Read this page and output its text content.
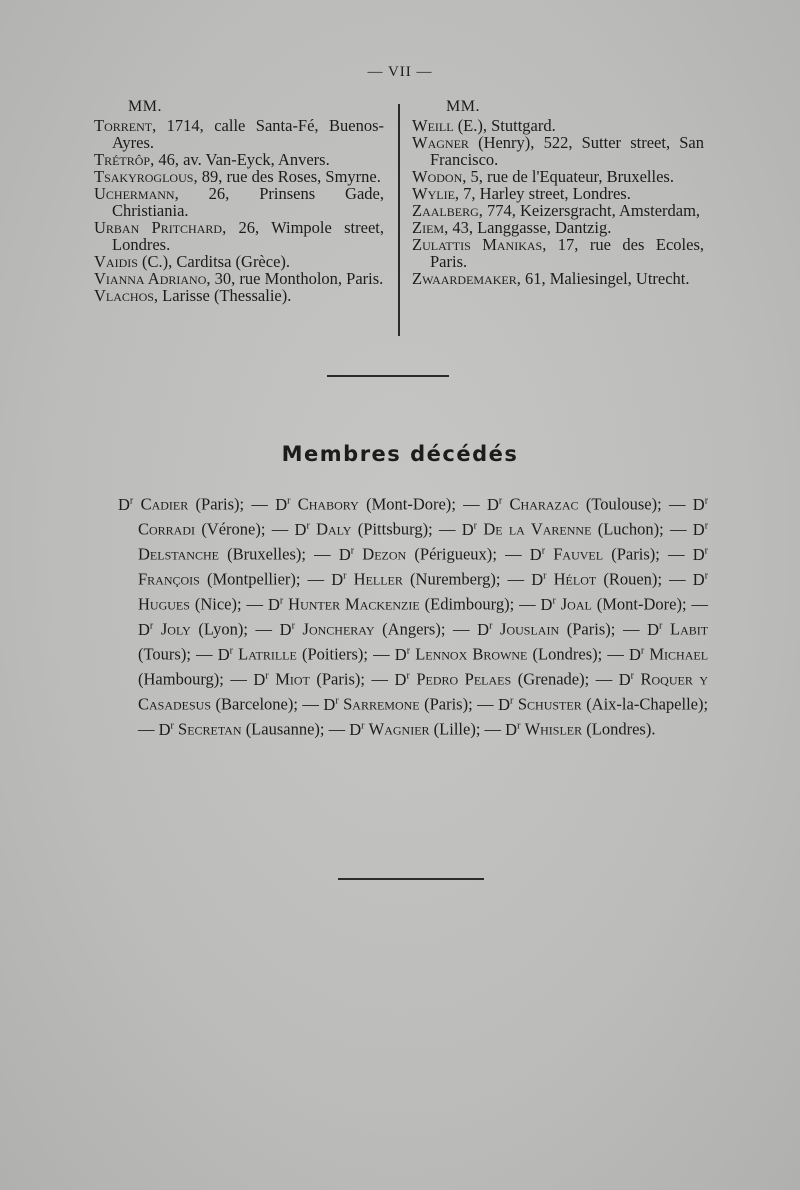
— VII —
MM.

Torrent, 1714, calle Santa-Fé, Buenos-Ayres.

Trétrôp, 46, av. Van-Eyck, Anvers.

Tsakyroglous, 89, rue des Roses, Smyrne.

Uchermann, 26, Prinsens Gade, Christiania.

Urban Pritchard, 26, Wimpole street, Londres.

Vaidis (C.), Carditsa (Grèce).

Vianna Adriano, 30, rue Montholon, Paris.

Vlachos, Larisse (Thessalie).

MM.

Weill (E.), Stuttgard.

Wagner (Henry), 522, Sutter street, San Francisco.

Wodon, 5, rue de l'Equateur, Bruxelles.

Wylie, 7, Harley street, Londres.

Zaalberg, 774, Keizersgracht, Amsterdam,

Ziem, 43, Langgasse, Dantzig.

Zulattis Manikas, 17, rue des Ecoles, Paris.

Zwaardemaker, 61, Maliesingel, Utrecht.

Membres décédés

$D^r$ Cadier (Paris); — $D^r$ Chabory (Mont-Dore); — $D^r$ Charazac (Toulouse); — $D^r$ Corradi (Vérone); — $D^r$ Daly (Pittsburg); — $D^r$ De la Varenne (Luchon); — $D^r$ Delstanche (Bruxelles); — $D^r$ Dezon (Périgueux); — $D^r$ Fauvel (Paris); — $D^r$ François (Montpellier); — $D^r$ Heller (Nuremberg); — $D^r$ Hélot (Rouen); — $D^r$ Hugues (Nice); — $D^r$ Hunter Mackenzie (Edimbourg); — $D^r$ Joal (Mont-Dore); — $D^r$ Joly (Lyon); — $D^r$ Joncheray (Angers); — $D^r$ Jouslain (Paris); — $D^r$ Labit (Tours); — $D^r$ Latrille (Poitiers); — $D^r$ Lennox Browne (Londres); — $D^r$ Michael (Hambourg); — $D^r$ Miot (Paris); — $D^r$ Pedro Pelaes (Grenade); — $D^r$ Roquer y Casadesus (Barcelone); — $D^r$ Sarremone (Paris); — $D^r$ Schuster (Aix-la-Chapelle); — $D^r$ Secretan (Lausanne); — $D^r$ Wagnier (Lille); — $D^r$ Whisler (Londres).
